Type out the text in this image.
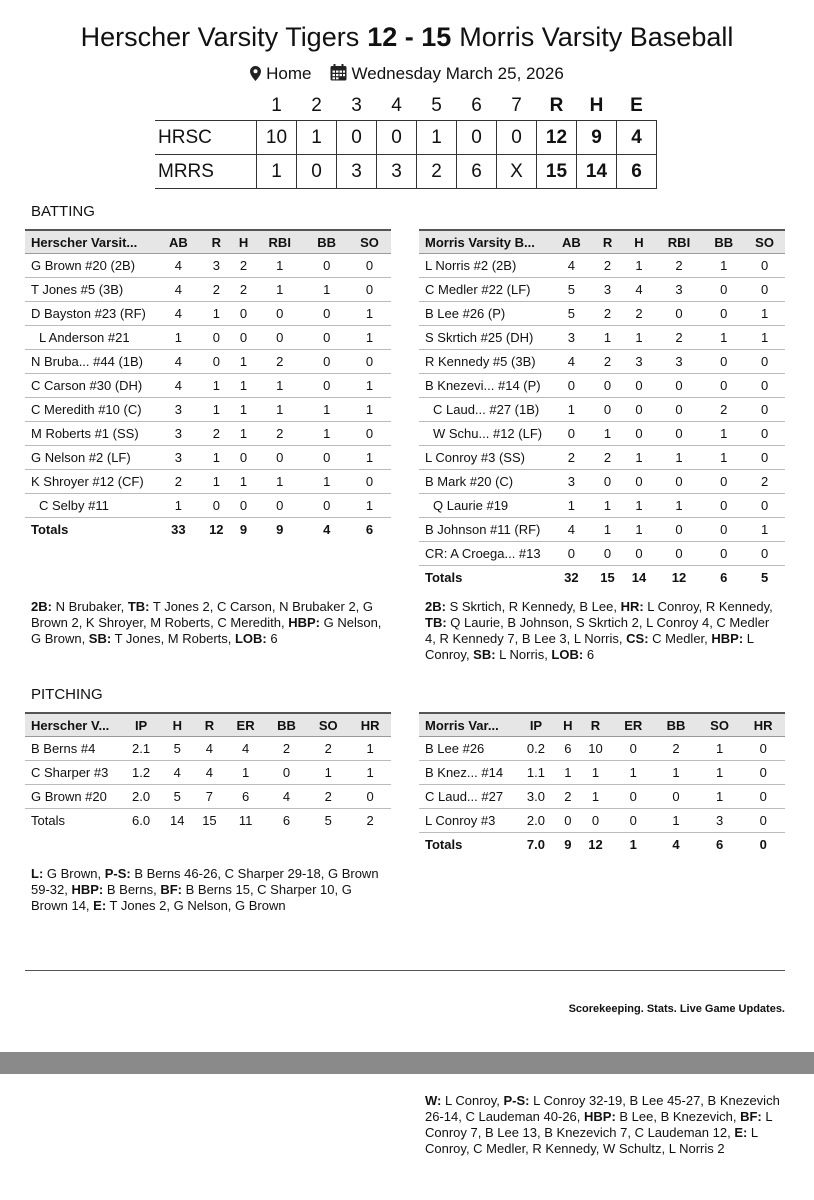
Herscher Varsity Tigers 12 - 15 Morris Varsity Baseball
Home Wednesday March 25, 2026
	1	2	3	4	5	6	7	R	H	E
HRSC	10	1	0	0	1	0	0	12	9	4
MRRS	1	0	3	3	2	6	X	15	14	6
BATTING
Herscher Varsit...	AB	R	H	RBI	BB	SO
G Brown #20 (2B)	4	3	2	1	0	0
T Jones #5 (3B)	4	2	2	1	1	0
D Bayston #23 (RF)	4	1	0	0	0	1
L Anderson #21	1	0	0	0	0	1
N Bruba... #44 (1B)	4	0	1	2	0	0
C Carson #30 (DH)	4	1	1	1	0	1
C Meredith #10 (C)	3	1	1	1	1	1
M Roberts #1 (SS)	3	2	1	2	1	0
G Nelson #2 (LF)	3	1	0	0	0	1
K Shroyer #12 (CF)	2	1	1	1	1	0
C Selby #11	1	0	0	0	0	1
Totals	33	12	9	9	4	6
Morris Varsity B...	AB	R	H	RBI	BB	SO
L Norris #2 (2B)	4	2	1	2	1	0
C Medler #22 (LF)	5	3	4	3	0	0
B Lee #26 (P)	5	2	2	0	0	1
S Skrtich #25 (DH)	3	1	1	2	1	1
R Kennedy #5 (3B)	4	2	3	3	0	0
B Knezevi... #14 (P)	0	0	0	0	0	0
C Laud... #27 (1B)	1	0	0	0	2	0
W Schu... #12 (LF)	0	1	0	0	1	0
L Conroy #3 (SS)	2	2	1	1	1	0
B Mark #20 (C)	3	0	0	0	0	2
Q Laurie #19	1	1	1	1	0	0
B Johnson #11 (RF)	4	1	1	0	0	1
CR: A Croega... #13	0	0	0	0	0	0
Totals	32	15	14	12	6	5
2B: N Brubaker, TB: T Jones 2, C Carson, N Brubaker 2, G Brown 2, K Shroyer, M Roberts, C Meredith, HBP: G Nelson, G Brown, SB: T Jones, M Roberts, LOB: 6
2B: S Skrtich, R Kennedy, B Lee, HR: L Conroy, R Kennedy, TB: Q Laurie, B Johnson, S Skrtich 2, L Conroy 4, C Medler 4, R Kennedy 7, B Lee 3, L Norris, CS: C Medler, HBP: L Conroy, SB: L Norris, LOB: 6
PITCHING
Herscher V...	IP	H	R	ER	BB	SO	HR
B Berns #4	2.1	5	4	4	2	2	1
C Sharper #3	1.2	4	4	1	0	1	1
G Brown #20	2.0	5	7	6	4	2	0
Totals	6.0	14	15	11	6	5	2
Morris Var...	IP	H	R	ER	BB	SO	HR
B Lee #26	0.2	6	10	0	2	1	0
B Knez... #14	1.1	1	1	1	1	1	0
C Laud... #27	3.0	2	1	0	0	1	0
L Conroy #3	2.0	0	0	0	1	3	0
Totals	7.0	9	12	1	4	6	0
L: G Brown, P-S: B Berns 46-26, C Sharper 29-18, G Brown 59-32, HBP: B Berns, BF: B Berns 15, C Sharper 10, G Brown 14, E: T Jones 2, G Nelson, G Brown
Scorekeeping. Stats. Live Game Updates.
W: L Conroy, P-S: L Conroy 32-19, B Lee 45-27, B Knezevich 26-14, C Laudeman 40-26, HBP: B Lee, B Knezevich, BF: L Conroy 7, B Lee 13, B Knezevich 7, C Laudeman 12, E: L Conroy, C Medler, R Kennedy, W Schultz, L Norris 2
